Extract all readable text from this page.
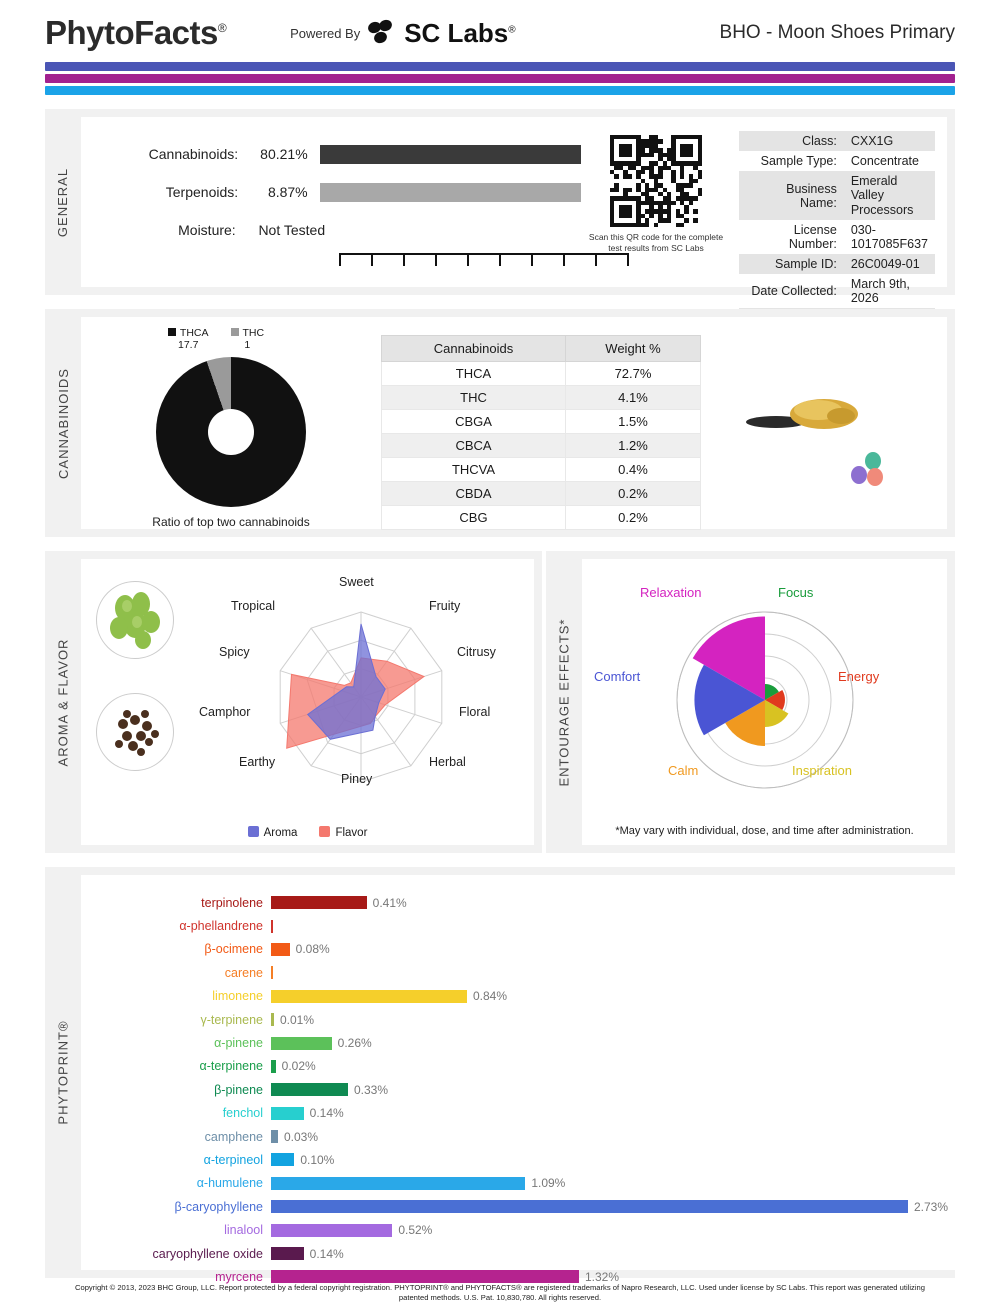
PhytoFacts®	Powered By SC Labs®	BHO - Moon Shoes Primary
GENERAL
Cannabinoids:	80.21%
Terpenoids:	8.87%
Moisture:	Not Tested	Scan this QR code for the complete test results from SC Labs
Class:	CXX1G
Sample Type:	Concentrate
Business Name:	Emerald Valley Processors
License Number:	030-1017085F637
Sample ID:	26C0049-01
Date Collected:	March 9th, 2026

CANNABINOIDS
THCA
17.7
THC
1
Ratio of top two cannabinoids
Cannabinoids	Weight %
THCA	72.7%
THC	4.1%
CBGA	1.5%
CBCA	1.2%
THCVA	0.4%
CBDA	0.2%
CBG	0.2%
AROMA & FLAVOR
Sweet
Fruity
Citrusy
Floral
Herbal
Piney
Earthy
Camphor
Spicy
Tropical
Aroma	Flavor
ENTOURAGE EFFECTS*
Relaxation	Focus
Energy
Inspiration
Calm
Comfort
*May vary with individual, dose, and time after administration.
PHYTOPRINT®
terpinolene	0.41%
α-phellandrene
β-ocimene	0.08%
carene
limonene	0.84%
γ-terpinene	0.01%
α-pinene	0.26%
α-terpinene	0.02%
β-pinene	0.33%
fenchol	0.14%
camphene	0.03%
α-terpineol	0.10%
α-humulene	1.09%
β-caryophyllene	2.73%
linalool	0.52%
caryophyllene oxide	0.14%
myrcene	1.32%
Copyright © 2013, 2023 BHC Group, LLC. Report protected by a federal copyright registration. PHYTOPRINT® and PHYTOFACTS® are registered trademarks of Napro Research, LLC. Used under license by SC Labs. This report was generated utilizing patented methods. U.S. Pat. 10,830,780. All rights reserved.
